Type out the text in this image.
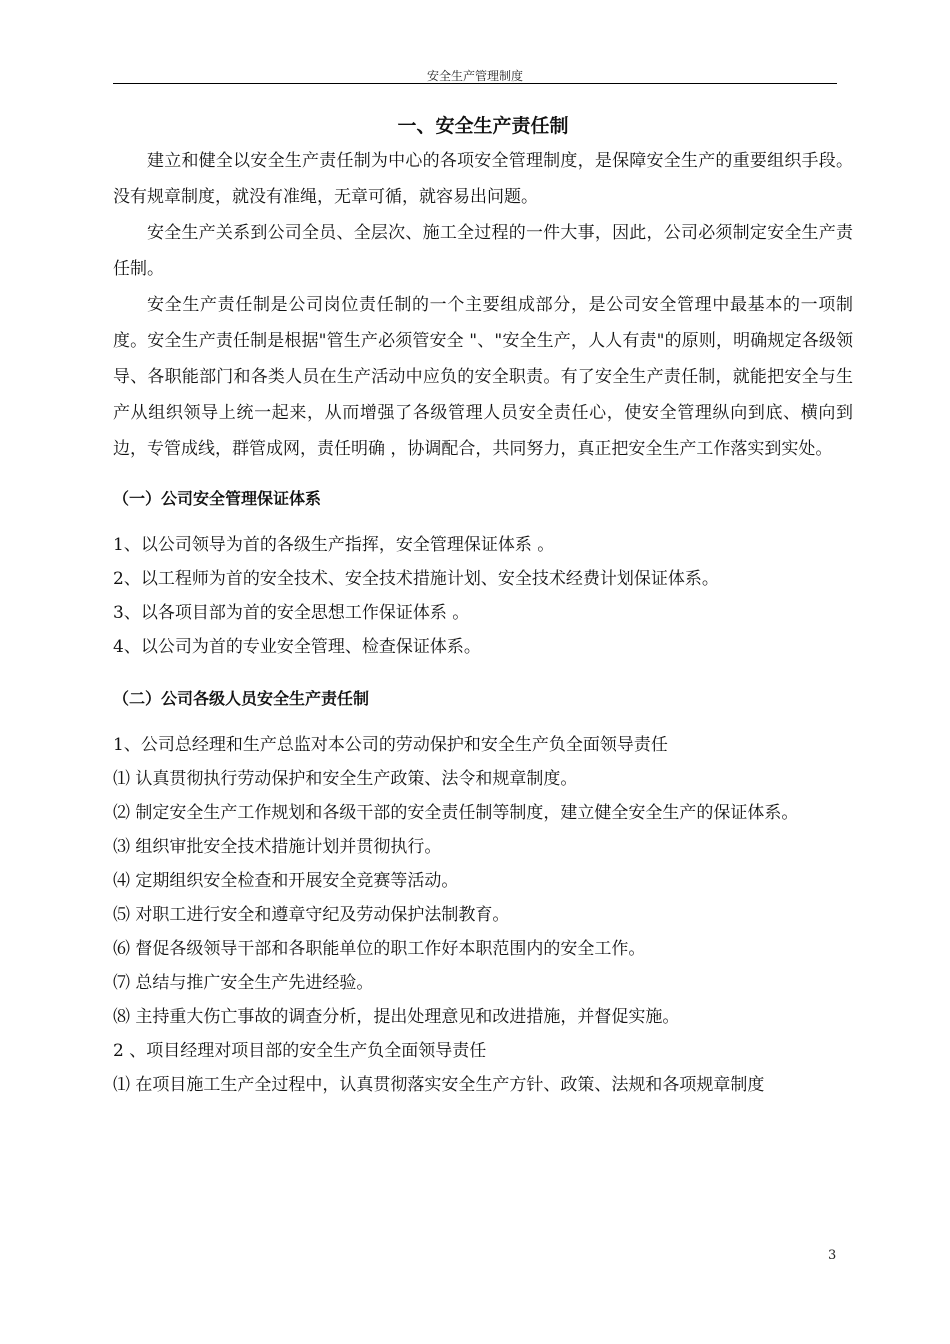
安全生产管理制度
一、安全生产责任制

建立和健全以安全生产责任制为中心的各项安全管理制度，是保障安全生产的重要组织手段。没有规章制度，就没有准绳，无章可循，就容易出问题。

安全生产关系到公司全员、全层次、施工全过程的一件大事，因此，公司必须制定安全生产责任制。

安全生产责任制是公司岗位责任制的一个主要组成部分，是公司安全管理中最基本的一项制度。安全生产责任制是根据"管生产必须管安全 "、"安全生产，人人有责"的原则，明确规定各级领导、各职能部门和各类人员在生产活动中应负的安全职责。有了安全生产责任制，就能把安全与生产从组织领导上统一起来，从而增强了各级管理人员安全责任心，使安全管理纵向到底、横向到边，专管成线，群管成网，责任明确 ，协调配合，共同努力，真正把安全生产工作落实到实处。

（一）公司安全管理保证体系

1、以公司领导为首的各级生产指挥，安全管理保证体系 。

2、以工程师为首的安全技术、安全技术措施计划、安全技术经费计划保证体系。

3、以各项目部为首的安全思想工作保证体系 。

4、以公司为首的专业安全管理、检查保证体系。

（二）公司各级人员安全生产责任制

1、公司总经理和生产总监对本公司的劳动保护和安全生产负全面领导责任

⑴ 认真贯彻执行劳动保护和安全生产政策、法令和规章制度。

⑵ 制定安全生产工作规划和各级干部的安全责任制等制度，建立健全安全生产的保证体系。

⑶ 组织审批安全技术措施计划并贯彻执行。

⑷ 定期组织安全检查和开展安全竞赛等活动。

⑸ 对职工进行安全和遵章守纪及劳动保护法制教育。

⑹ 督促各级领导干部和各职能单位的职工作好本职范围内的安全工作。

⑺ 总结与推广安全生产先进经验。

⑻ 主持重大伤亡事故的调查分析，提出处理意见和改进措施，并督促实施。

2 、项目经理对项目部的安全生产负全面领导责任

⑴ 在项目施工生产全过程中，认真贯彻落实安全生产方针、政策、法规和各项规章制度

3
